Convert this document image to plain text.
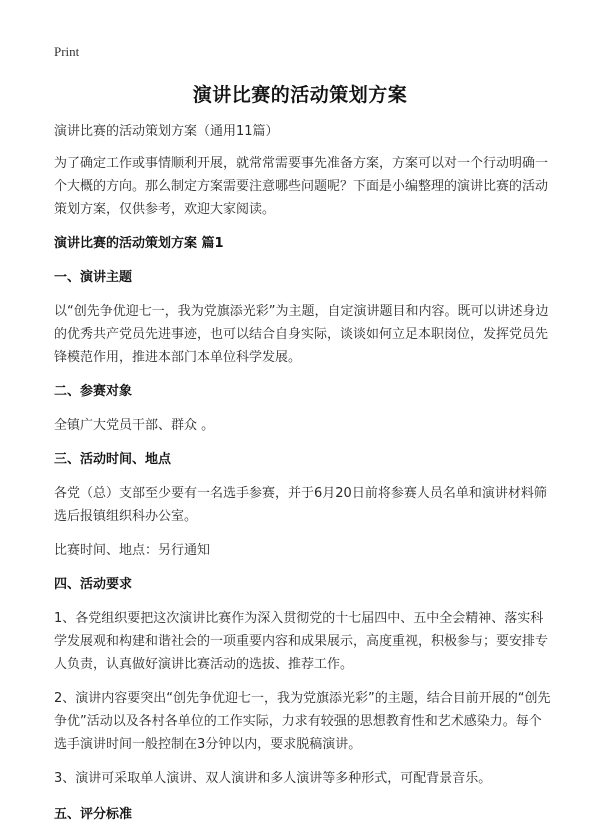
Print
演讲比赛的活动策划方案

演讲比赛的活动策划方案（通用11篇）

为了确定工作或事情顺利开展，就常常需要事先准备方案，方案可以对一个行动明确一个大概的方向。那么制定方案需要注意哪些问题呢？下面是小编整理的演讲比赛的活动策划方案，仅供参考，欢迎大家阅读。

演讲比赛的活动策划方案 篇1

一、演讲主题

以“创先争优迎七一，我为党旗添光彩”为主题，自定演讲题目和内容。既可以讲述身边的优秀共产党员先进事迹，也可以结合自身实际，谈谈如何立足本职岗位，发挥党员先锋模范作用，推进本部门本单位科学发展。

二、参赛对象

全镇广大党员干部、群众 。

三、活动时间、地点

各党（总）支部至少要有一名选手参赛，并于6月20日前将参赛人员名单和演讲材料筛选后报镇组织科办公室。

比赛时间、地点：另行通知

四、活动要求

1、各党组织要把这次演讲比赛作为深入贯彻党的十七届四中、五中全会精神、落实科学发展观和构建和谐社会的一项重要内容和成果展示，高度重视，积极参与；要安排专人负责，认真做好演讲比赛活动的选拔、推荐工作。

2、演讲内容要突出“创先争优迎七一，我为党旗添光彩”的主题，结合目前开展的“创先争优”活动以及各村各单位的工作实际，力求有较强的思想教育性和艺术感染力。每个选手演讲时间一般控制在3分钟以内，要求脱稿演讲。

3、演讲可采取单人演讲、双人演讲和多人演讲等多种形式，可配背景音乐。

五、评分标准
